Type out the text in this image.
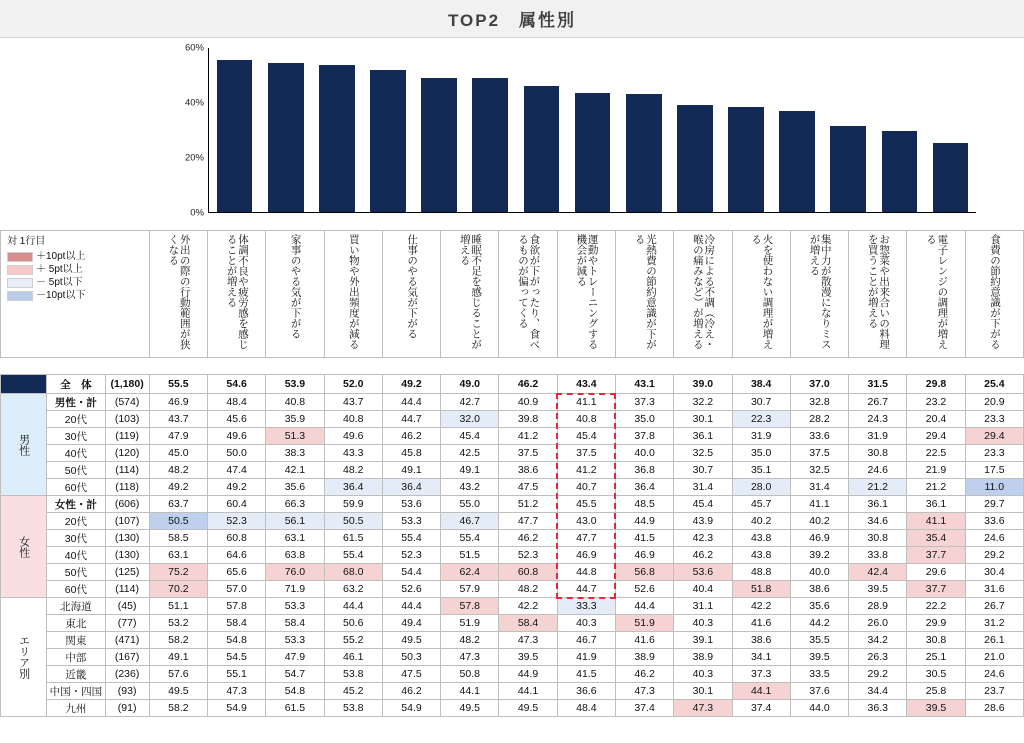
TOP2　属性別
0%
20%
40%
60%
対 1行目
＋10pt以上
＋ 5pt以上
－ 5pt以下
－10pt以下			外出の際の行動範囲が狭くなる	体調不良や疲労感を感じることが増える	家事のやる気が下がる	買い物や外出頻度が減る	仕事のやる気が下がる	睡眠不足を感じることが増える	食欲が下がったり、食べるものが偏ってくる	運動やトレーニングする機会が減る	光熱費の節約意識が下がる	冷房による不調（冷え・喉の痛みなど）が増える	火を使わない調理が増える	集中力が散漫になりミスが増える	お惣菜や出来合いの料理を買うことが増える	電子レンジの調理が増える	食費の節約意識が下がる

	全　体	(1,180)	55.5	54.6	53.9	52.0	49.2	49.0	46.2	43.4	43.1	39.0	38.4	37.0	31.5	29.8	25.4
男性	男性・計	(574)	46.9	48.4	40.8	43.7	44.4	42.7	40.9	41.1	37.3	32.2	30.7	32.8	26.7	23.2	20.9
	20代	(103)	43.7	45.6	35.9	40.8	44.7	32.0	39.8	40.8	35.0	30.1	22.3	28.2	24.3	20.4	23.3
	30代	(119)	47.9	49.6	51.3	49.6	46.2	45.4	41.2	45.4	37.8	36.1	31.9	33.6	31.9	29.4	29.4
	40代	(120)	45.0	50.0	38.3	43.3	45.8	42.5	37.5	37.5	40.0	32.5	35.0	37.5	30.8	22.5	23.3
	50代	(114)	48.2	47.4	42.1	48.2	49.1	49.1	38.6	41.2	36.8	30.7	35.1	32.5	24.6	21.9	17.5
	60代	(118)	49.2	49.2	35.6	36.4	36.4	43.2	47.5	40.7	36.4	31.4	28.0	31.4	21.2	21.2	11.0
女性	女性・計	(606)	63.7	60.4	66.3	59.9	53.6	55.0	51.2	45.5	48.5	45.4	45.7	41.1	36.1	36.1	29.7
	20代	(107)	50.5	52.3	56.1	50.5	53.3	46.7	47.7	43.0	44.9	43.9	40.2	40.2	34.6	41.1	33.6
	30代	(130)	58.5	60.8	63.1	61.5	55.4	55.4	46.2	47.7	41.5	42.3	43.8	46.9	30.8	35.4	24.6
	40代	(130)	63.1	64.6	63.8	55.4	52.3	51.5	52.3	46.9	46.9	46.2	43.8	39.2	33.8	37.7	29.2
	50代	(125)	75.2	65.6	76.0	68.0	54.4	62.4	60.8	44.8	56.8	53.6	48.8	40.0	42.4	29.6	30.4
	60代	(114)	70.2	57.0	71.9	63.2	52.6	57.9	48.2	44.7	52.6	40.4	51.8	38.6	39.5	37.7	31.6
エリア別	北海道	(45)	51.1	57.8	53.3	44.4	44.4	57.8	42.2	33.3	44.4	31.1	42.2	35.6	28.9	22.2	26.7
	東北	(77)	53.2	58.4	58.4	50.6	49.4	51.9	58.4	40.3	51.9	40.3	41.6	44.2	26.0	29.9	31.2
	関東	(471)	58.2	54.8	53.3	55.2	49.5	48.2	47.3	46.7	41.6	39.1	38.6	35.5	34.2	30.8	26.1
	中部	(167)	49.1	54.5	47.9	46.1	50.3	47.3	39.5	41.9	38.9	38.9	34.1	39.5	26.3	25.1	21.0
	近畿	(236)	57.6	55.1	54.7	53.8	47.5	50.8	44.9	41.5	46.2	40.3	37.3	33.5	29.2	30.5	24.6
	中国・四国	(93)	49.5	47.3	54.8	45.2	46.2	44.1	44.1	36.6	47.3	30.1	44.1	37.6	34.4	25.8	23.7
	九州	(91)	58.2	54.9	61.5	53.8	54.9	49.5	49.5	48.4	37.4	47.3	37.4	44.0	36.3	39.5	28.6
